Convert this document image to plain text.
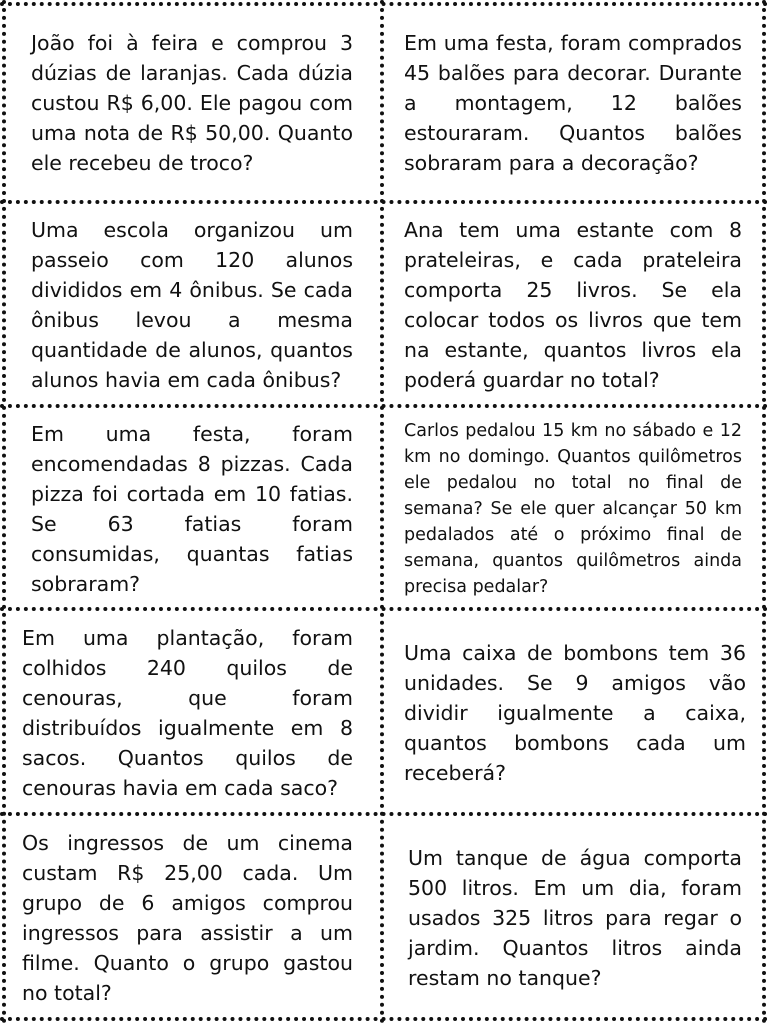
João foi à feira e comprou 3 dúzias de laranjas. Cada dúzia custou R$ 6,00. Ele pagou com uma nota de R$ 50,00. Quanto ele recebeu de troco?

Em uma festa, foram comprados 45 balões para decorar. Durante a montagem, 12 balões estouraram. Quantos balões sobraram para a decoração?

Uma escola organizou um passeio com 120 alunos divididos em 4 ônibus. Se cada ônibus levou a mesma quantidade de alunos, quantos alunos havia em cada ônibus?

Ana tem uma estante com 8 prateleiras, e cada prateleira comporta 25 livros. Se ela colocar todos os livros que tem na estante, quantos livros ela poderá guardar no total?

Em uma festa, foram encomendadas 8 pizzas. Cada pizza foi cortada em 10 fatias. Se 63 fatias foram consumidas, quantas fatias sobraram?

Carlos pedalou 15 km no sábado e 12 km no domingo. Quantos quilômetros ele pedalou no total no final de semana? Se ele quer alcançar 50 km pedalados até o próximo final de semana, quantos quilômetros ainda precisa pedalar?

Em uma plantação, foram colhidos 240 quilos de cenouras, que foram distribuídos igualmente em 8 sacos. Quantos quilos de cenouras havia em cada saco?

Uma caixa de bombons tem 36 unidades. Se 9 amigos vão dividir igualmente a caixa, quantos bombons cada um receberá?

Os ingressos de um cinema custam R$ 25,00 cada. Um grupo de 6 amigos comprou ingressos para assistir a um filme. Quanto o grupo gastou no total?

Um tanque de água comporta 500 litros. Em um dia, foram usados 325 litros para regar o jardim. Quantos litros ainda restam no tanque?
